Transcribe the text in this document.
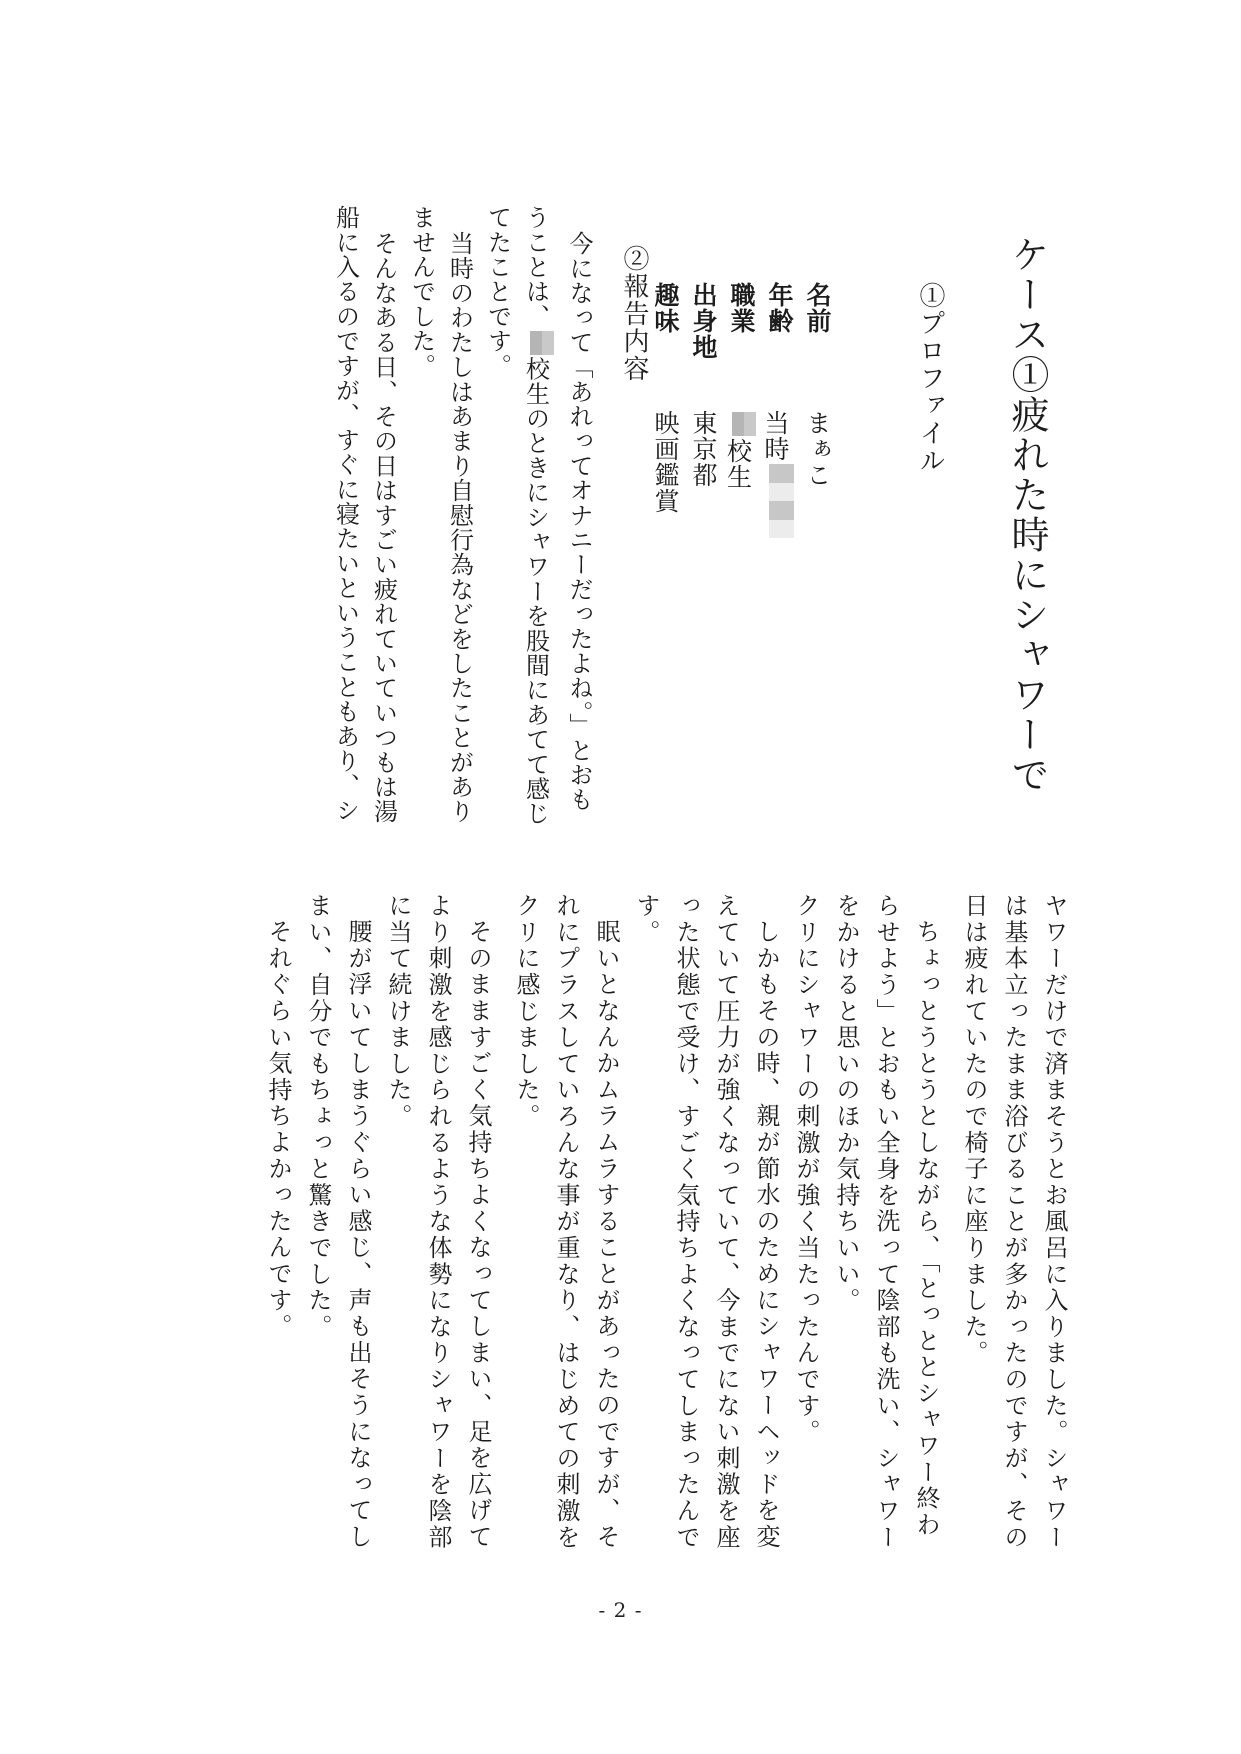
ケース①疲れた時にシャワーで
①プロファイル
名前
まぁこ
年齢
当時
職業
校生
出身地
東京都
趣味
映画鑑賞
②報告内容
今になって「あれってオナニーだったよね。」とおも
うことは、校生のときにシャワーを股間にあてて感じ
てたことです。
当時のわたしはあまり自慰行為などをしたことがあり
ませんでした。
そんなある日、その日はすごい疲れていていつもは湯
船に入るのですが、すぐに寝たいということもあり、シ
ヤワーだけで済まそうとお風呂に入りました。シャワー
は基本立ったまま浴びることが多かったのですが、その
日は疲れていたので椅子に座りました。
ちょっとうとうとしながら、「とっととシャワー終わ
らせよう」とおもい全身を洗って陰部も洗い、シャワー
をかけると思いのほか気持ちいい。
クリにシャワーの刺激が強く当たったんです。
しかもその時、親が節水のためにシャワーヘッドを変
えていて圧力が強くなっていて、今までにない刺激を座
った状態で受け、すごく気持ちよくなってしまったんで
す。
眠いとなんかムラムラすることがあったのですが、そ
れにプラスしていろんな事が重なり、はじめての刺激を
クリに感じました。
そのまますごく気持ちよくなってしまい、足を広げて
より刺激を感じられるような体勢になりシャワーを陰部
に当て続けました。
腰が浮いてしまうぐらい感じ、声も出そうになってし
まい、自分でもちょっと驚きでした。
それぐらい気持ちよかったんです。
- 2 -
